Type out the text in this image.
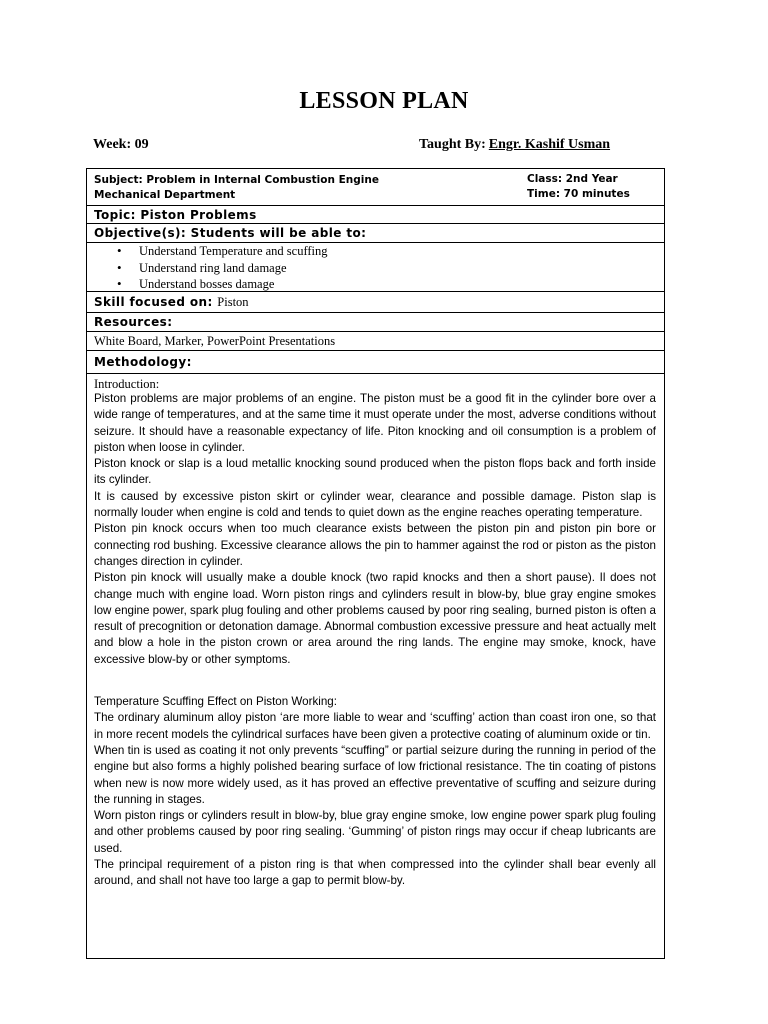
LESSON PLAN
Week: 09	Taught By: Engr. Kashif Usman
Subject: Problem in Internal Combustion Engine
Mechanical Department
Class: 2nd Year
Time: 70 minutes
Topic: Piston Problems
Objective(s): Students will be able to:
• Understand Temperature and scuffing
• Understand ring land damage
• Understand bosses damage
Skill focused on: Piston
Resources:
White Board, Marker, PowerPoint Presentations
Methodology:

Introduction:

Piston problems are major problems of an engine. The piston must be a good fit in the cylinder bore over a wide range of temperatures, and at the same time it must operate under the most, adverse conditions without seizure. It should have a reasonable expectancy of life. Piton knocking and oil consumption is a problem of piston when loose in cylinder.

Piston knock or slap is a loud metallic knocking sound produced when the piston flops back and forth inside its cylinder.

It is caused by excessive piston skirt or cylinder wear, clearance and possible damage. Piston slap is normally louder when engine is cold and tends to quiet down as the engine reaches operating temperature.

Piston pin knock occurs when too much clearance exists between the piston pin and piston pin bore or connecting rod bushing. Excessive clearance allows the pin to hammer against the rod or piston as the piston changes direction in cylinder.

Piston pin knock will usually make a double knock (two rapid knocks and then a short pause). Il does not change much with engine load. Worn piston rings and cylinders result in blow-by, blue gray engine smokes low engine power, spark plug fouling and other problems caused by poor ring sealing, burned piston is often a result of precognition or detonation damage. Abnormal combustion excessive pressure and heat actually melt and blow a hole in the piston crown or area around the ring lands. The engine may smoke, knock, have excessive blow-by or other symptoms.

Temperature Scuffing Effect on Piston Working:

The ordinary aluminum alloy piston ‘are more liable to wear and ‘scuffing’ action than coast iron one, so that in more recent models the cylindrical surfaces have been given a protective coating of aluminum oxide or tin.

When tin is used as coating it not only prevents “scuffing” or partial seizure during the running in period of the engine but also forms a highly polished bearing surface of low frictional resistance. The tin coating of pistons when new is now more widely used, as it has proved an effective preventative of scuffing and seizure during the running in stages.

Worn piston rings or cylinders result in blow-by, blue gray engine smoke, low engine power spark plug fouling and other problems caused by poor ring sealing. ‘Gumming’ of piston rings may occur if cheap lubricants are used.

The principal requirement of a piston ring is that when compressed into the cylinder shall bear evenly all around, and shall not have too large a gap to permit blow-by.
